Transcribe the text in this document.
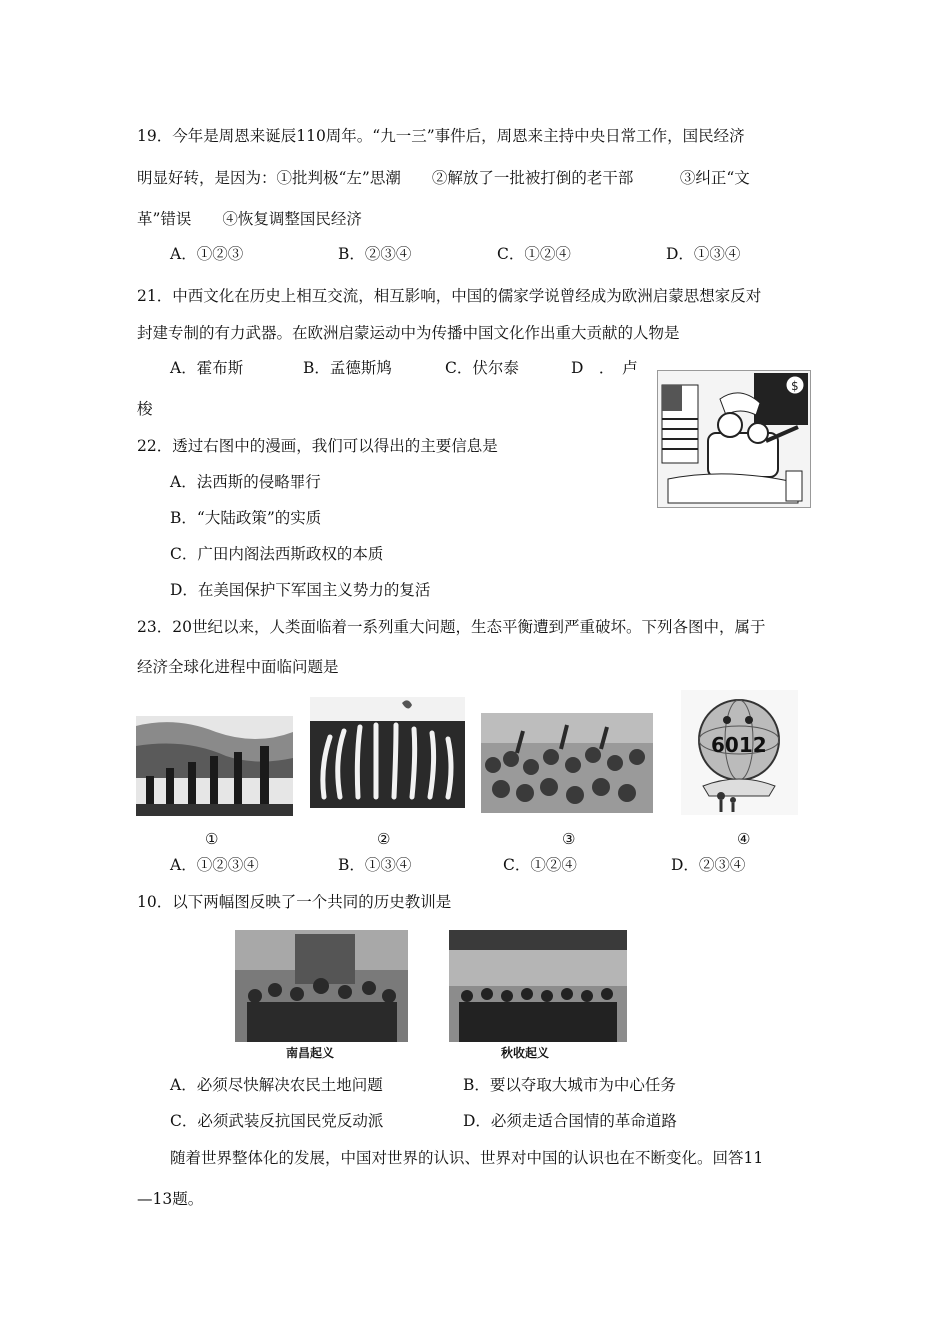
19．今年是周恩来诞辰110周年。“九一三”事件后，周恩来主持中央日常工作，国民经济
明显好转，是因为：①批判极“左”思潮　　②解放了一批被打倒的老干部　　　③纠正“文
革”错误　　④恢复调整国民经济
A．①②③	B．②③④	C．①②④	D．①③④
21．中西文化在历史上相互交流，相互影响，中国的儒家学说曾经成为欧洲启蒙思想家反对
封建专制的有力武器。在欧洲启蒙运动中为传播中国文化作出重大贡献的人物是
A．霍布斯	B．孟德斯鸠	C．伏尔泰	D　．　卢
梭
$
22．透过右图中的漫画，我们可以得出的主要信息是
A．法西斯的侵略罪行
B．“大陆政策”的实质
C．广田内阁法西斯政权的本质
D．在美国保护下军国主义势力的复活
23．20世纪以来，人类面临着一系列重大问题，生态平衡遭到严重破坏。下列各图中，属于
经济全球化进程中面临问题是
6012
①	②	③	④
A．①②③④	B．①③④	C．①②④	D．②③④
10．以下两幅图反映了一个共同的历史教训是
南昌起义	秋收起义
A．必须尽快解决农民土地问题	B．要以夺取大城市为中心任务
C．必须武装反抗国民党反动派	D．必须走适合国情的革命道路
随着世界整体化的发展，中国对世界的认识、世界对中国的认识也在不断变化。回答11
—13题。
